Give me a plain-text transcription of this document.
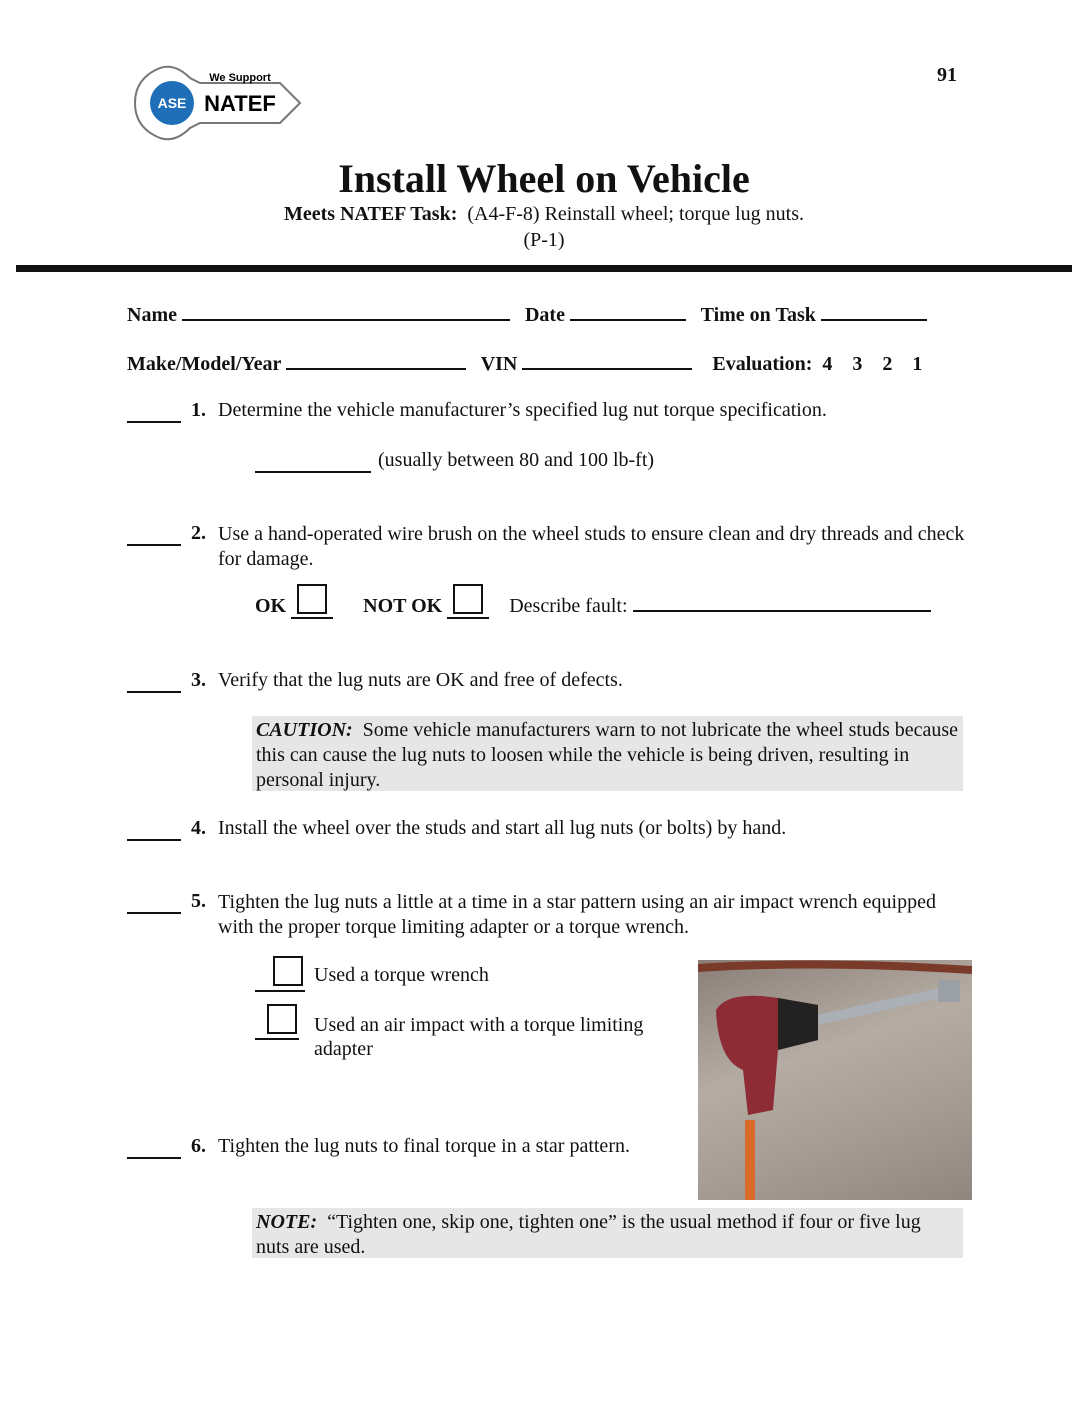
91
ASE
We Support
NATEF
Install Wheel on Vehicle
Meets NATEF Task: (A4-F-8) Reinstall wheel; torque lug nuts.
(P-1)
Name	Date	Time on Task
Make/Model/Year	VIN	Evaluation: 4 3 2 1
1. Determine the vehicle manufacturer’s specified lug nut torque specification.
(usually between 80 and 100 lb-ft)
2. Use a hand-operated wire brush on the wheel studs to ensure clean and dry threads and check for damage.
OK	NOT OK	Describe fault:
3. Verify that the lug nuts are OK and free of defects.
CAUTION: Some vehicle manufacturers warn to not lubricate the wheel studs because this can cause the lug nuts to loosen while the vehicle is being driven, resulting in personal injury.
4. Install the wheel over the studs and start all lug nuts (or bolts) by hand.
5. Tighten the lug nuts a little at a time in a star pattern using an air impact wrench equipped with the proper torque limiting adapter or a torque wrench.
Used a torque wrench
Used an air impact with a torque limiting adapter
6. Tighten the lug nuts to final torque in a star pattern.
NOTE: “Tighten one, skip one, tighten one” is the usual method if four or five lug nuts are used.
